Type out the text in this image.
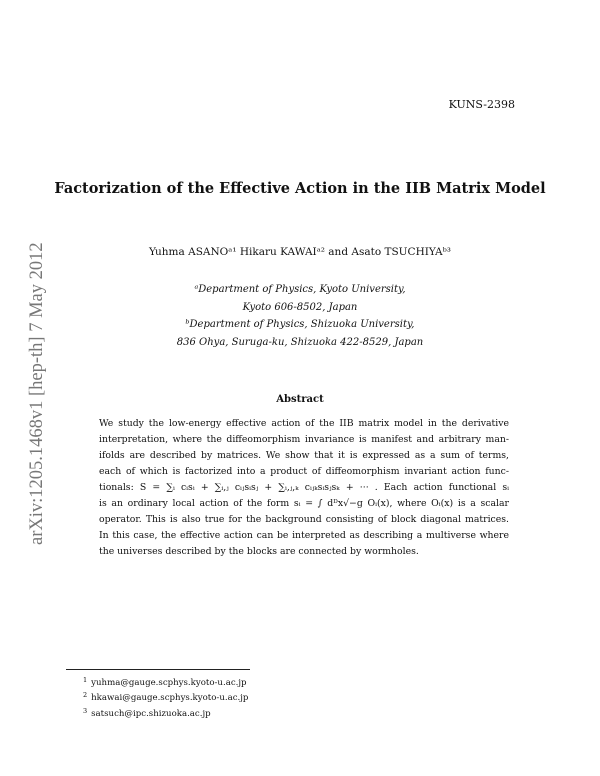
KUNS-2398
Factorization of the Effective Action in the IIB Matrix Model
Yuhma ASANOᵃ¹ Hikaru KAWAIᵃ² and Asato TSUCHIYAᵇ³
ᵃDepartment of Physics, Kyoto University,
Kyoto 606-8502, Japan
ᵇDepartment of Physics, Shizuoka University,
836 Ohya, Suruga-ku, Shizuoka 422-8529, Japan
Abstract
We study the low-energy effective action of the IIB matrix model in the derivative
interpretation, where the diffeomorphism invariance is manifest and arbitrary man-
ifolds are described by matrices. We show that it is expressed as a sum of terms,
each of which is factorized into a product of diffeomorphism invariant action func-
tionals: S = ∑ᵢ cᵢsᵢ + ∑ᵢ,ⱼ cᵢⱼsᵢsⱼ + ∑ᵢ,ⱼ,ₖ cᵢⱼₖsᵢsⱼsₖ + ··· . Each action functional sᵢ
is an ordinary local action of the form sᵢ = ∫ dᴰx√−g Oᵢ(x), where Oᵢ(x) is a scalar
operator. This is also true for the background consisting of block diagonal matrices.
In this case, the effective action can be interpreted as describing a multiverse where
the universes described by the blocks are connected by wormholes.
arXiv:1205.1468v1 [hep-th] 7 May 2012
$^1$ yuhma@gauge.scphys.kyoto-u.ac.jp
$^2$ hkawai@gauge.scphys.kyoto-u.ac.jp
$^3$ satsuch@ipc.shizuoka.ac.jp
